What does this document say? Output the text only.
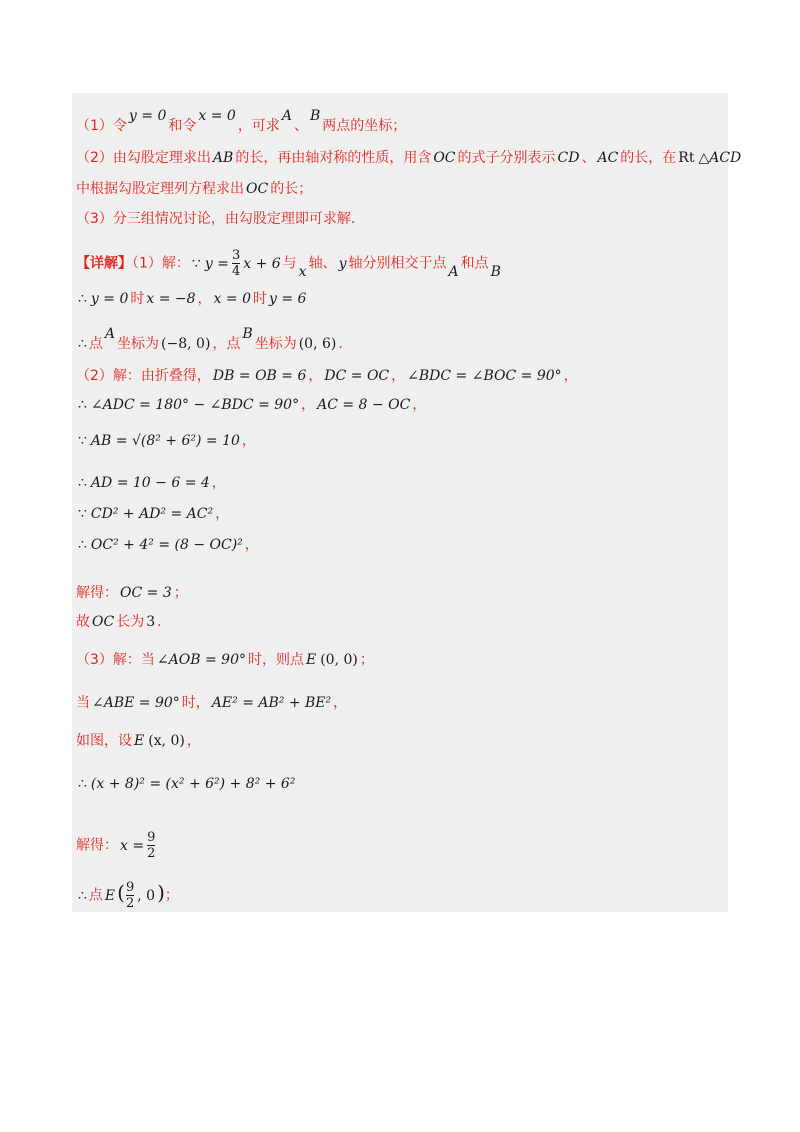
（1）令y = 0和令x = 0，可求A、B两点的坐标；
（2）由勾股定理求出 AB 的长，再由轴对称的性质，用含 OC 的式子分别表示 CD 、 AC 的长，在 Rt △ACD
中根据勾股定理列方程求出 OC 的长；
（3）分三组情况讨论，由勾股定理即可求解．
【详解】（1）解： ∵ $y = \frac{3}{4}$ x + 6 与 x 轴、 y 轴分别相交于点 A 和点 B
∴ y = 0 时 x = −8 ， x = 0 时 y = 6
∴ 点A坐标为 (−8, 0) ，点B坐标为 (0, 6) .
（2）解：由折叠得， DB = OB = 6 ， DC = OC ， ∠BDC = ∠BOC = 90° ，
∴ ∠ADC = 180° − ∠BDC = 90° ， AC = 8 − OC ，
∵ AB = √(8² + 6²) = 10 ，
∴ AD = 10 − 6 = 4 ，
∵ CD² + AD² = AC² ，
∴ OC² + 4² = (8 − OC)² ，
解得： OC = 3 ；
故 OC 长为 3 .
（3）解：当 ∠AOB = 90° 时，则点 E (0, 0) ；
当 ∠ABE = 90° 时， AE² = AB² + BE² ，
如图，设 E (x, 0) ，
∴ (x + 8)² = (x² + 6²) + 8² + 6²
解得： $x = \frac{9}{2}$
∴ 点 E ($\frac{9}{2}$ , 0 )；
